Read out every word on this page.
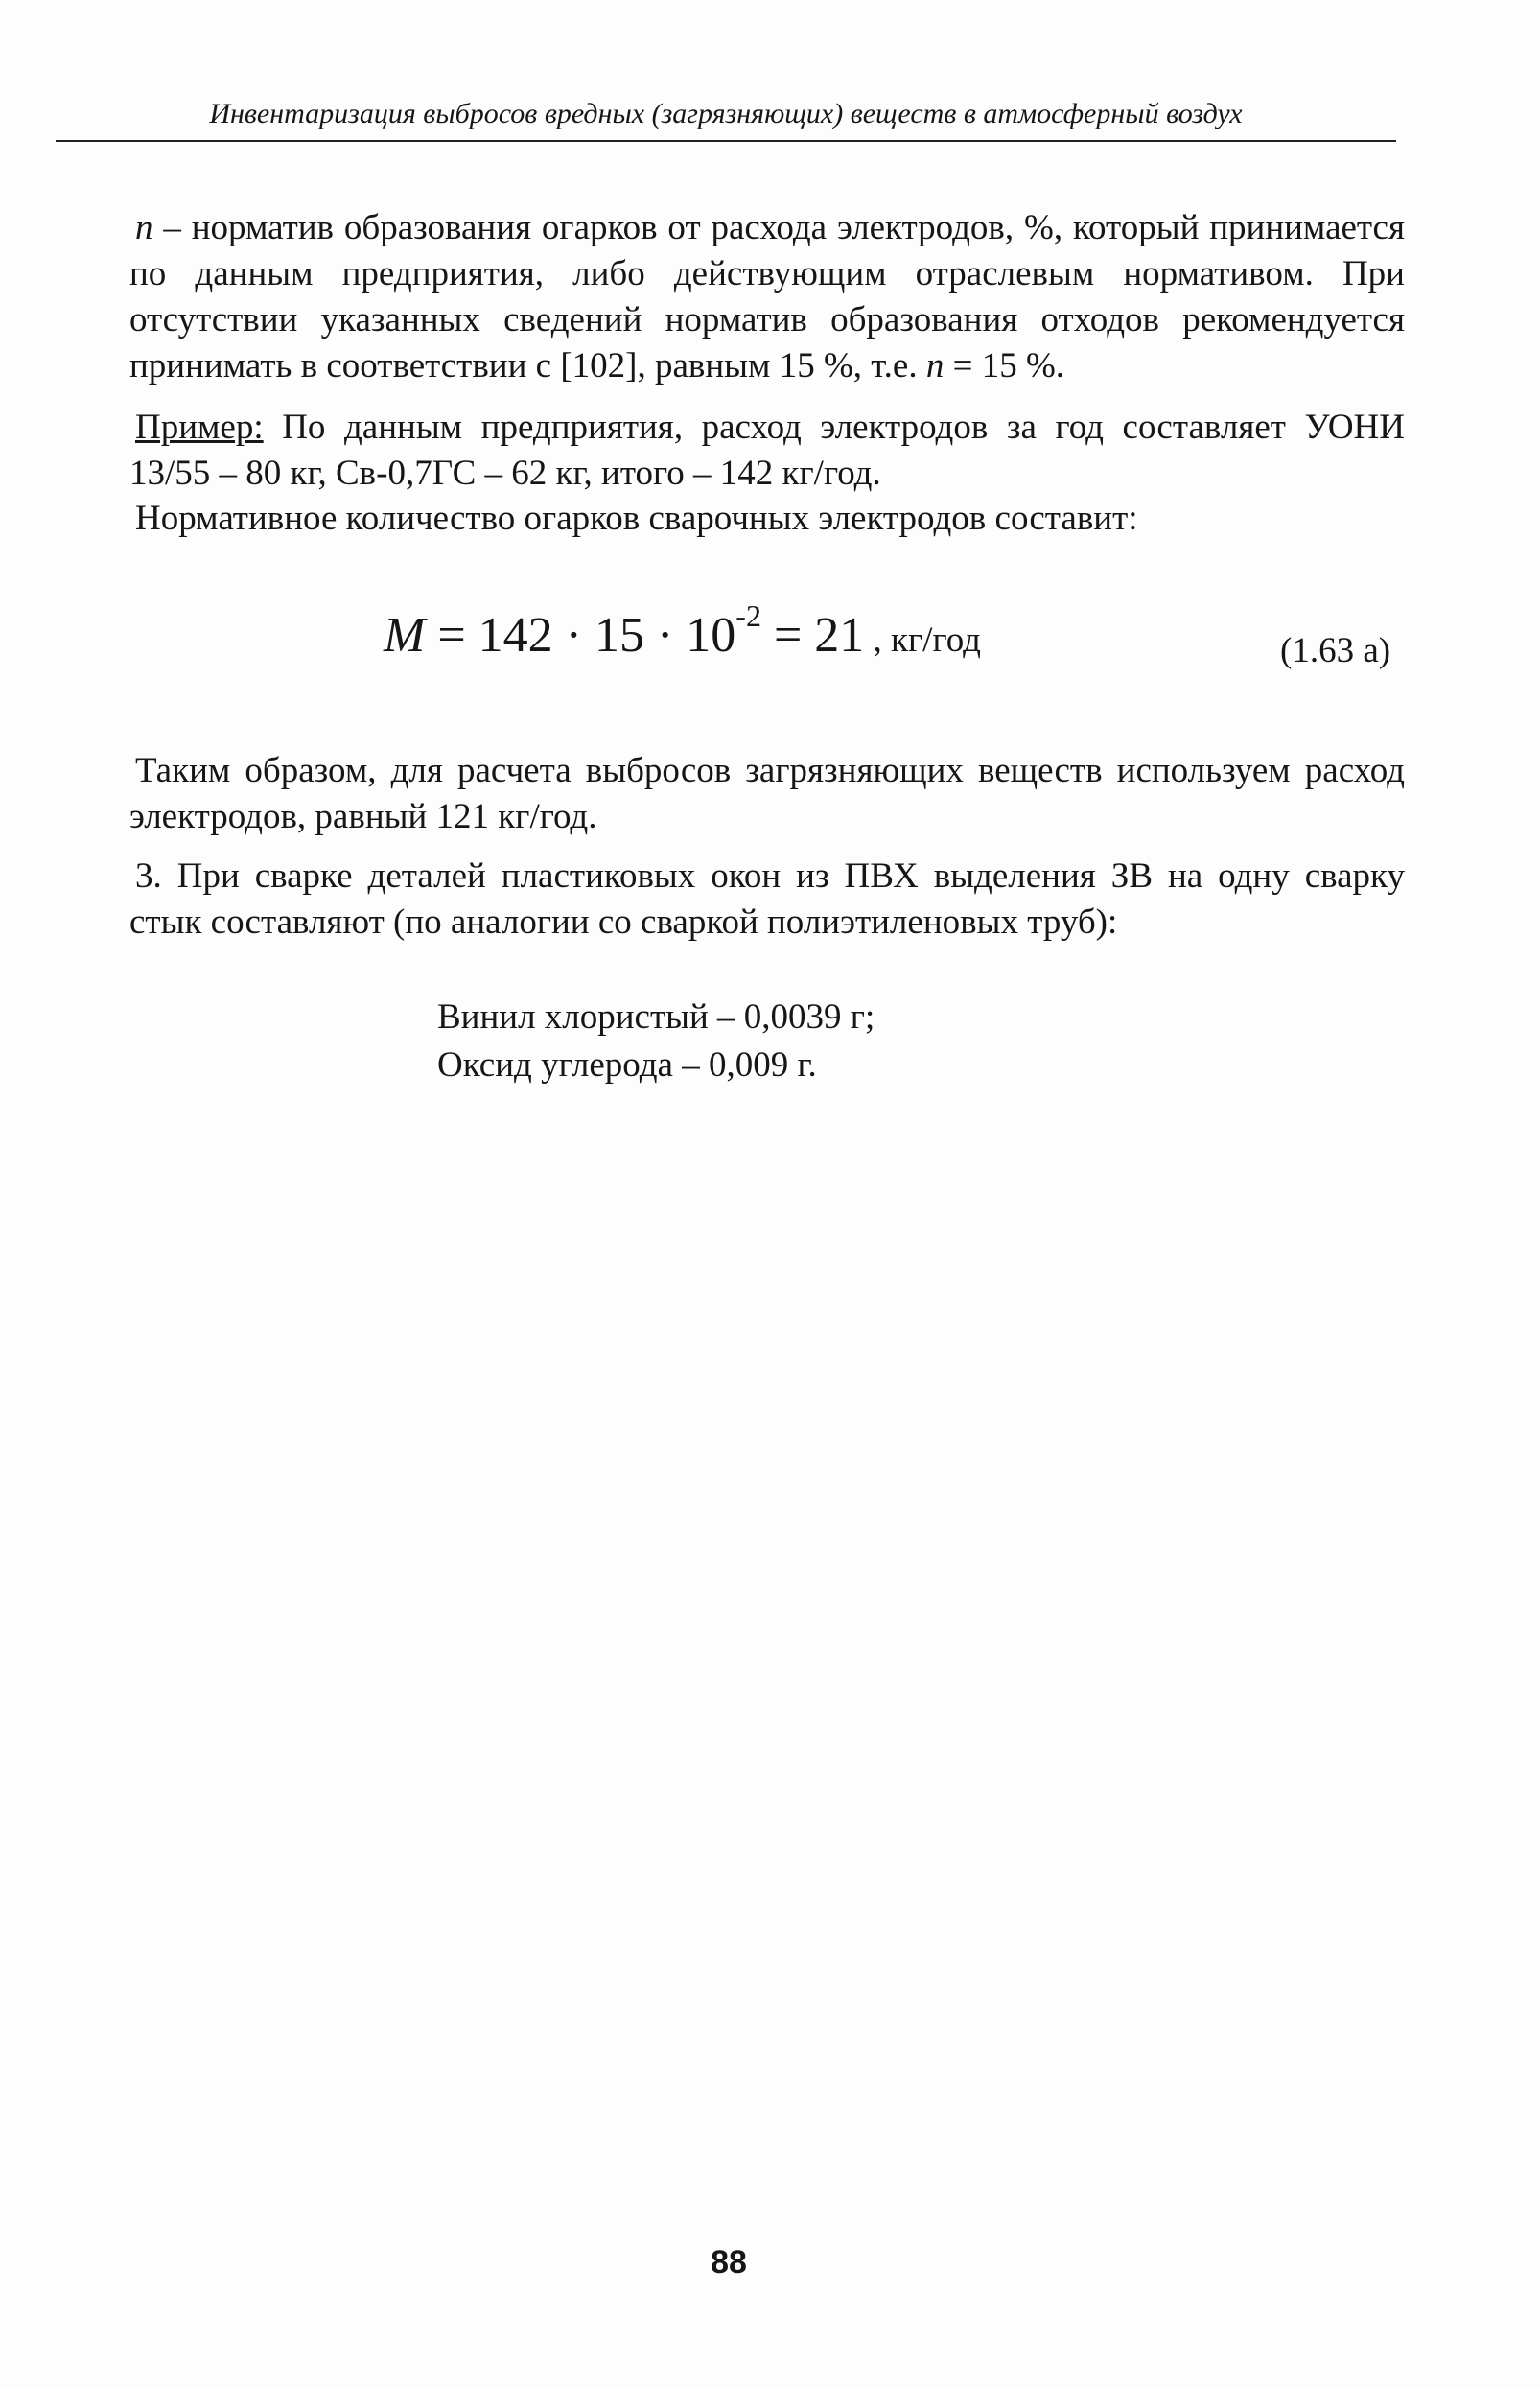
Инвентаризация выбросов вредных (загрязняющих) веществ в атмосферный воздух

n – норматив образования огарков от расхода электродов, %, который принимается по данным предприятия, либо действующим отраслевым нормативом. При отсутствии указанных сведений норматив образования отходов рекомендуется принимать в соответствии с [102], равным 15 %, т.е. n = 15 %.

Пример: По данным предприятия, расход электродов за год составляет УОНИ 13/55 – 80 кг, Св-0,7ГС – 62 кг, итого – 142 кг/год.

Нормативное количество огарков сварочных электродов составит:

$M = 142 \cdot 15 \cdot 10^{-2} = 21$ , кг/год	(1.63 а)

Таким образом, для расчета выбросов загрязняющих веществ используем расход электродов, равный 121 кг/год.

3. При сварке деталей пластиковых окон из ПВХ выделения ЗВ на одну сварку стык составляют (по аналогии со сваркой полиэтиленовых труб):

Винил хлористый – 0,0039 г;
Оксид углерода – 0,009 г.
88
